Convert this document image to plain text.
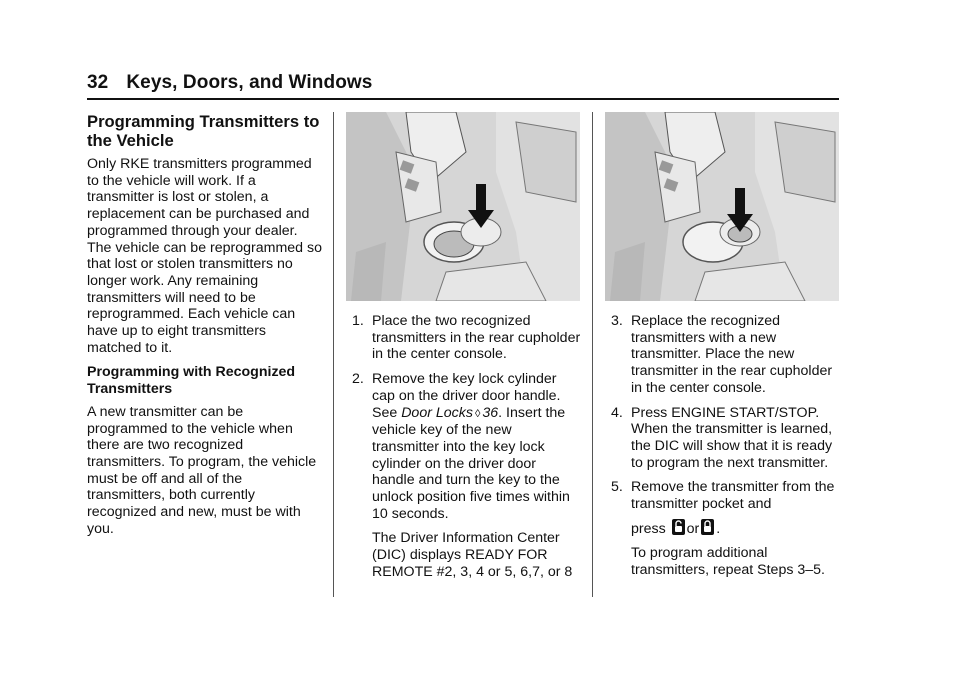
32 Keys, Doors, and Windows
Programming Transmitters to the Vehicle

Only RKE transmitters programmed to the vehicle will work. If a transmitter is lost or stolen, a replacement can be purchased and programmed through your dealer. The vehicle can be reprogrammed so that lost or stolen transmitters no longer work. Any remaining transmitters will need to be reprogrammed. Each vehicle can have up to eight transmitters matched to it.

Programming with Recognized Transmitters

A new transmitter can be programmed to the vehicle when there are two recognized transmitters. To program, the vehicle must be off and all of the transmitters, both currently recognized and new, must be with you.

1. Place the two recognized transmitters in the rear cupholder in the center console.
2. Remove the key lock cylinder cap on the driver door handle. See Door Locks ◊ 36. Insert the vehicle key of the new transmitter into the key lock cylinder on the driver door handle and turn the key to the unlock position five times within 10 seconds.

The Driver Information Center (DIC) displays READY FOR REMOTE #2, 3, 4 or 5, 6,7, or 8

3. Replace the recognized transmitters with a new transmitter. Place the new transmitter in the rear cupholder in the center console.
4. Press ENGINE START/STOP. When the transmitter is learned, the DIC will show that it is ready to program the next transmitter.
5. Remove the transmitter from the transmitter pocket and

press or .

To program additional transmitters, repeat Steps 3–5.
